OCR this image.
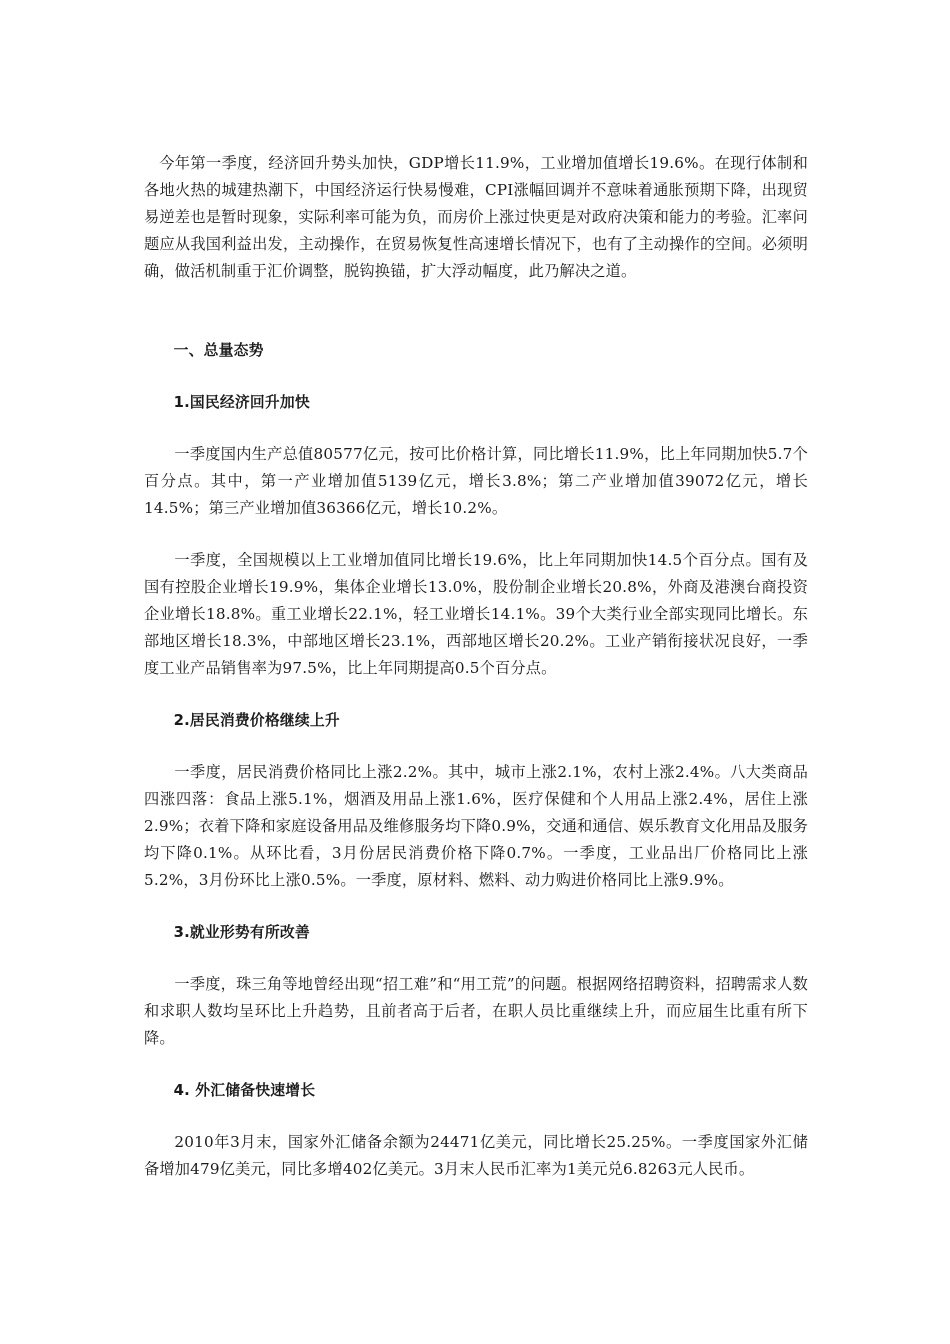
今年第一季度，经济回升势头加快，GDP增长11.9%，工业增加值增长19.6%。在现行体制和各地火热的城建热潮下，中国经济运行快易慢难，CPI涨幅回调并不意味着通胀预期下降，出现贸易逆差也是暂时现象，实际利率可能为负，而房价上涨过快更是对政府决策和能力的考验。汇率问题应从我国利益出发，主动操作，在贸易恢复性高速增长情况下，也有了主动操作的空间。必须明确，做活机制重于汇价调整，脱钩换锚，扩大浮动幅度，此乃解决之道。

一、总量态势

1.国民经济回升加快

一季度国内生产总值80577亿元，按可比价格计算，同比增长11.9%，比上年同期加快5.7个百分点。其中，第一产业增加值5139亿元，增长3.8%；第二产业增加值39072亿元，增长14.5%；第三产业增加值36366亿元，增长10.2%。

一季度，全国规模以上工业增加值同比增长19.6%，比上年同期加快14.5个百分点。国有及国有控股企业增长19.9%，集体企业增长13.0%，股份制企业增长20.8%，外商及港澳台商投资企业增长18.8%。重工业增长22.1%，轻工业增长14.1%。39个大类行业全部实现同比增长。东部地区增长18.3%，中部地区增长23.1%，西部地区增长20.2%。工业产销衔接状况良好，一季度工业产品销售率为97.5%，比上年同期提高0.5个百分点。

2.居民消费价格继续上升

一季度，居民消费价格同比上涨2.2%。其中，城市上涨2.1%，农村上涨2.4%。八大类商品四涨四落：食品上涨5.1%，烟酒及用品上涨1.6%，医疗保健和个人用品上涨2.4%，居住上涨2.9%；衣着下降和家庭设备用品及维修服务均下降0.9%，交通和通信、娱乐教育文化用品及服务均下降0.1%。从环比看，3月份居民消费价格下降0.7%。一季度，工业品出厂价格同比上涨5.2%，3月份环比上涨0.5%。一季度，原材料、燃料、动力购进价格同比上涨9.9%。

3.就业形势有所改善

一季度，珠三角等地曾经出现“招工难”和“用工荒”的问题。根据网络招聘资料，招聘需求人数和求职人数均呈环比上升趋势，且前者高于后者，在职人员比重继续上升，而应届生比重有所下降。

4. 外汇储备快速增长

2010年3月末，国家外汇储备余额为24471亿美元，同比增长25.25%。一季度国家外汇储备增加479亿美元，同比多增402亿美元。3月末人民币汇率为1美元兑6.8263元人民币。
